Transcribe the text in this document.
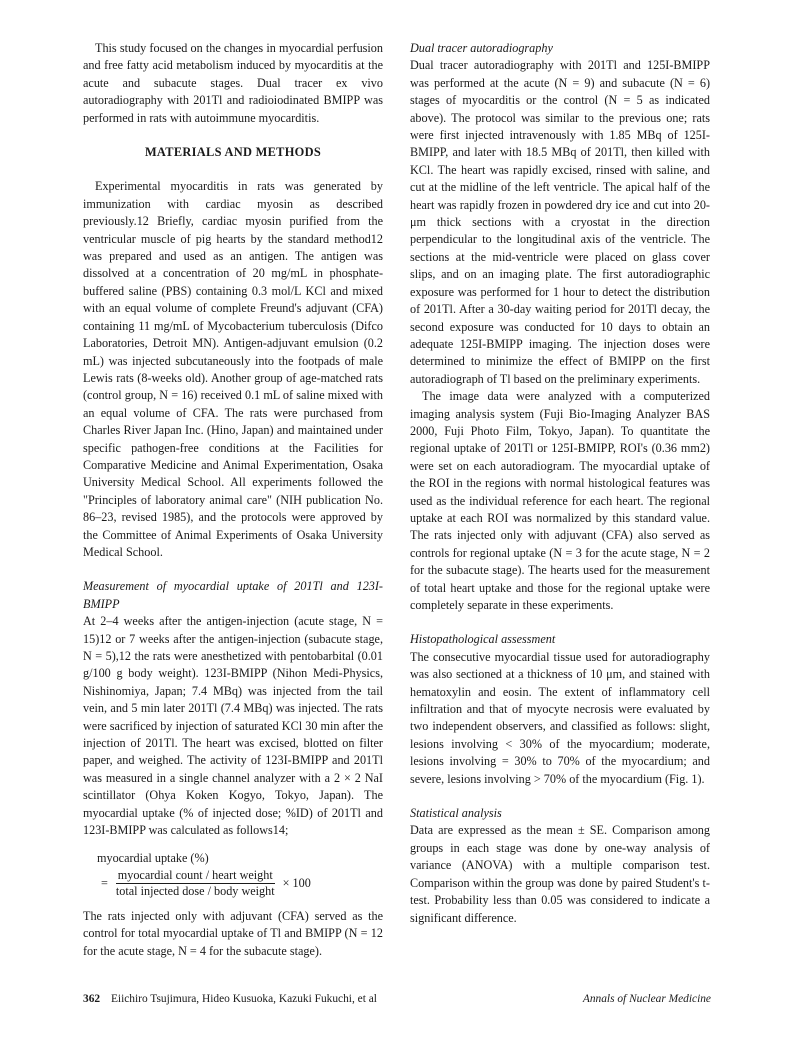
This study focused on the changes in myocardial perfusion and free fatty acid metabolism induced by myocarditis at the acute and subacute stages. Dual tracer ex vivo autoradiography with 201Tl and radioiodinated BMIPP was performed in rats with autoimmune myocarditis.

MATERIALS AND METHODS

Experimental myocarditis in rats was generated by immunization with cardiac myosin as described previously.12 Briefly, cardiac myosin purified from the ventricular muscle of pig hearts by the standard method12 was prepared and used as an antigen. The antigen was dissolved at a concentration of 20 mg/mL in phosphate-buffered saline (PBS) containing 0.3 mol/L KCl and mixed with an equal volume of complete Freund's adjuvant (CFA) containing 11 mg/mL of Mycobacterium tuberculosis (Difco Laboratories, Detroit MN). Antigen-adjuvant emulsion (0.2 mL) was injected subcutaneously into the footpads of male Lewis rats (8-weeks old). Another group of age-matched rats (control group, N = 16) received 0.1 mL of saline mixed with an equal volume of CFA. The rats were purchased from Charles River Japan Inc. (Hino, Japan) and maintained under specific pathogen-free conditions at the Facilities for Comparative Medicine and Animal Experimentation, Osaka University Medical School. All experiments followed the "Principles of laboratory animal care" (NIH publication No. 86–23, revised 1985), and the protocols were approved by the Committee of Animal Experiments of Osaka University Medical School.

Measurement of myocardial uptake of 201Tl and 123I-BMIPP

At 2–4 weeks after the antigen-injection (acute stage, N = 15)12 or 7 weeks after the antigen-injection (subacute stage, N = 5),12 the rats were anesthetized with pentobarbital (0.01 g/100 g body weight). 123I-BMIPP (Nihon Medi-Physics, Nishinomiya, Japan; 7.4 MBq) was injected from the tail vein, and 5 min later 201Tl (7.4 MBq) was injected. The rats were sacrificed by injection of saturated KCl 30 min after the injection of 201Tl. The heart was excised, blotted on filter paper, and weighed. The activity of 123I-BMIPP and 201Tl was measured in a single channel analyzer with a 2 × 2 NaI scintillator (Ohya Koken Kogyo, Tokyo, Japan). The myocardial uptake (% of injected dose; %ID) of 201Tl and 123I-BMIPP was calculated as follows14;

myocardial uptake (%)
= $\frac{\text{myocardial count / heart weight}}{\text{total injected dose / body weight}} \times 100$

The rats injected only with adjuvant (CFA) served as the control for total myocardial uptake of Tl and BMIPP (N = 12 for the acute stage, N = 4 for the subacute stage).

Dual tracer autoradiography

Dual tracer autoradiography with 201Tl and 125I-BMIPP was performed at the acute (N = 9) and subacute (N = 6) stages of myocarditis or the control (N = 5 as indicated above). The protocol was similar to the previous one; rats were first injected intravenously with 1.85 MBq of 125I-BMIPP, and later with 18.5 MBq of 201Tl, then killed with KCl. The heart was rapidly excised, rinsed with saline, and cut at the midline of the left ventricle. The apical half of the heart was rapidly frozen in powdered dry ice and cut into 20-μm thick sections with a cryostat in the direction perpendicular to the longitudinal axis of the ventricle. The sections at the mid-ventricle were placed on glass cover slips, and on an imaging plate. The first autoradiographic exposure was performed for 1 hour to detect the distribution of 201Tl. After a 30-day waiting period for 201Tl decay, the second exposure was conducted for 10 days to obtain an adequate 125I-BMIPP imaging. The injection doses were determined to minimize the effect of BMIPP on the first autoradiograph of Tl based on the preliminary experiments.

The image data were analyzed with a computerized imaging analysis system (Fuji Bio-Imaging Analyzer BAS 2000, Fuji Photo Film, Tokyo, Japan). To quantitate the regional uptake of 201Tl or 125I-BMIPP, ROI's (0.36 mm2) were set on each autoradiogram. The myocardial uptake of the ROI in the regions with normal histological features was used as the individual reference for each heart. The regional uptake at each ROI was normalized by this standard value. The rats injected only with adjuvant (CFA) also served as controls for regional uptake (N = 3 for the acute stage, N = 2 for the subacute stage). The hearts used for the measurement of total heart uptake and those for the regional uptake were completely separate in these experiments.

Histopathological assessment

The consecutive myocardial tissue used for autoradiography was also sectioned at a thickness of 10 μm, and stained with hematoxylin and eosin. The extent of inflammatory cell infiltration and that of myocyte necrosis were evaluated by two independent observers, and classified as follows: slight, lesions involving < 30% of the myocardium; moderate, lesions involving = 30% to 70% of the myocardium; and severe, lesions involving > 70% of the myocardium (Fig. 1).

Statistical analysis

Data are expressed as the mean ± SE. Comparison among groups in each stage was done by one-way analysis of variance (ANOVA) with a multiple comparison test. Comparison within the group was done by paired Student's t-test. Probability less than 0.05 was considered to indicate a significant difference.

362 Eiichiro Tsujimura, Hideo Kusuoka, Kazuki Fukuchi, et al	Annals of Nuclear Medicine
